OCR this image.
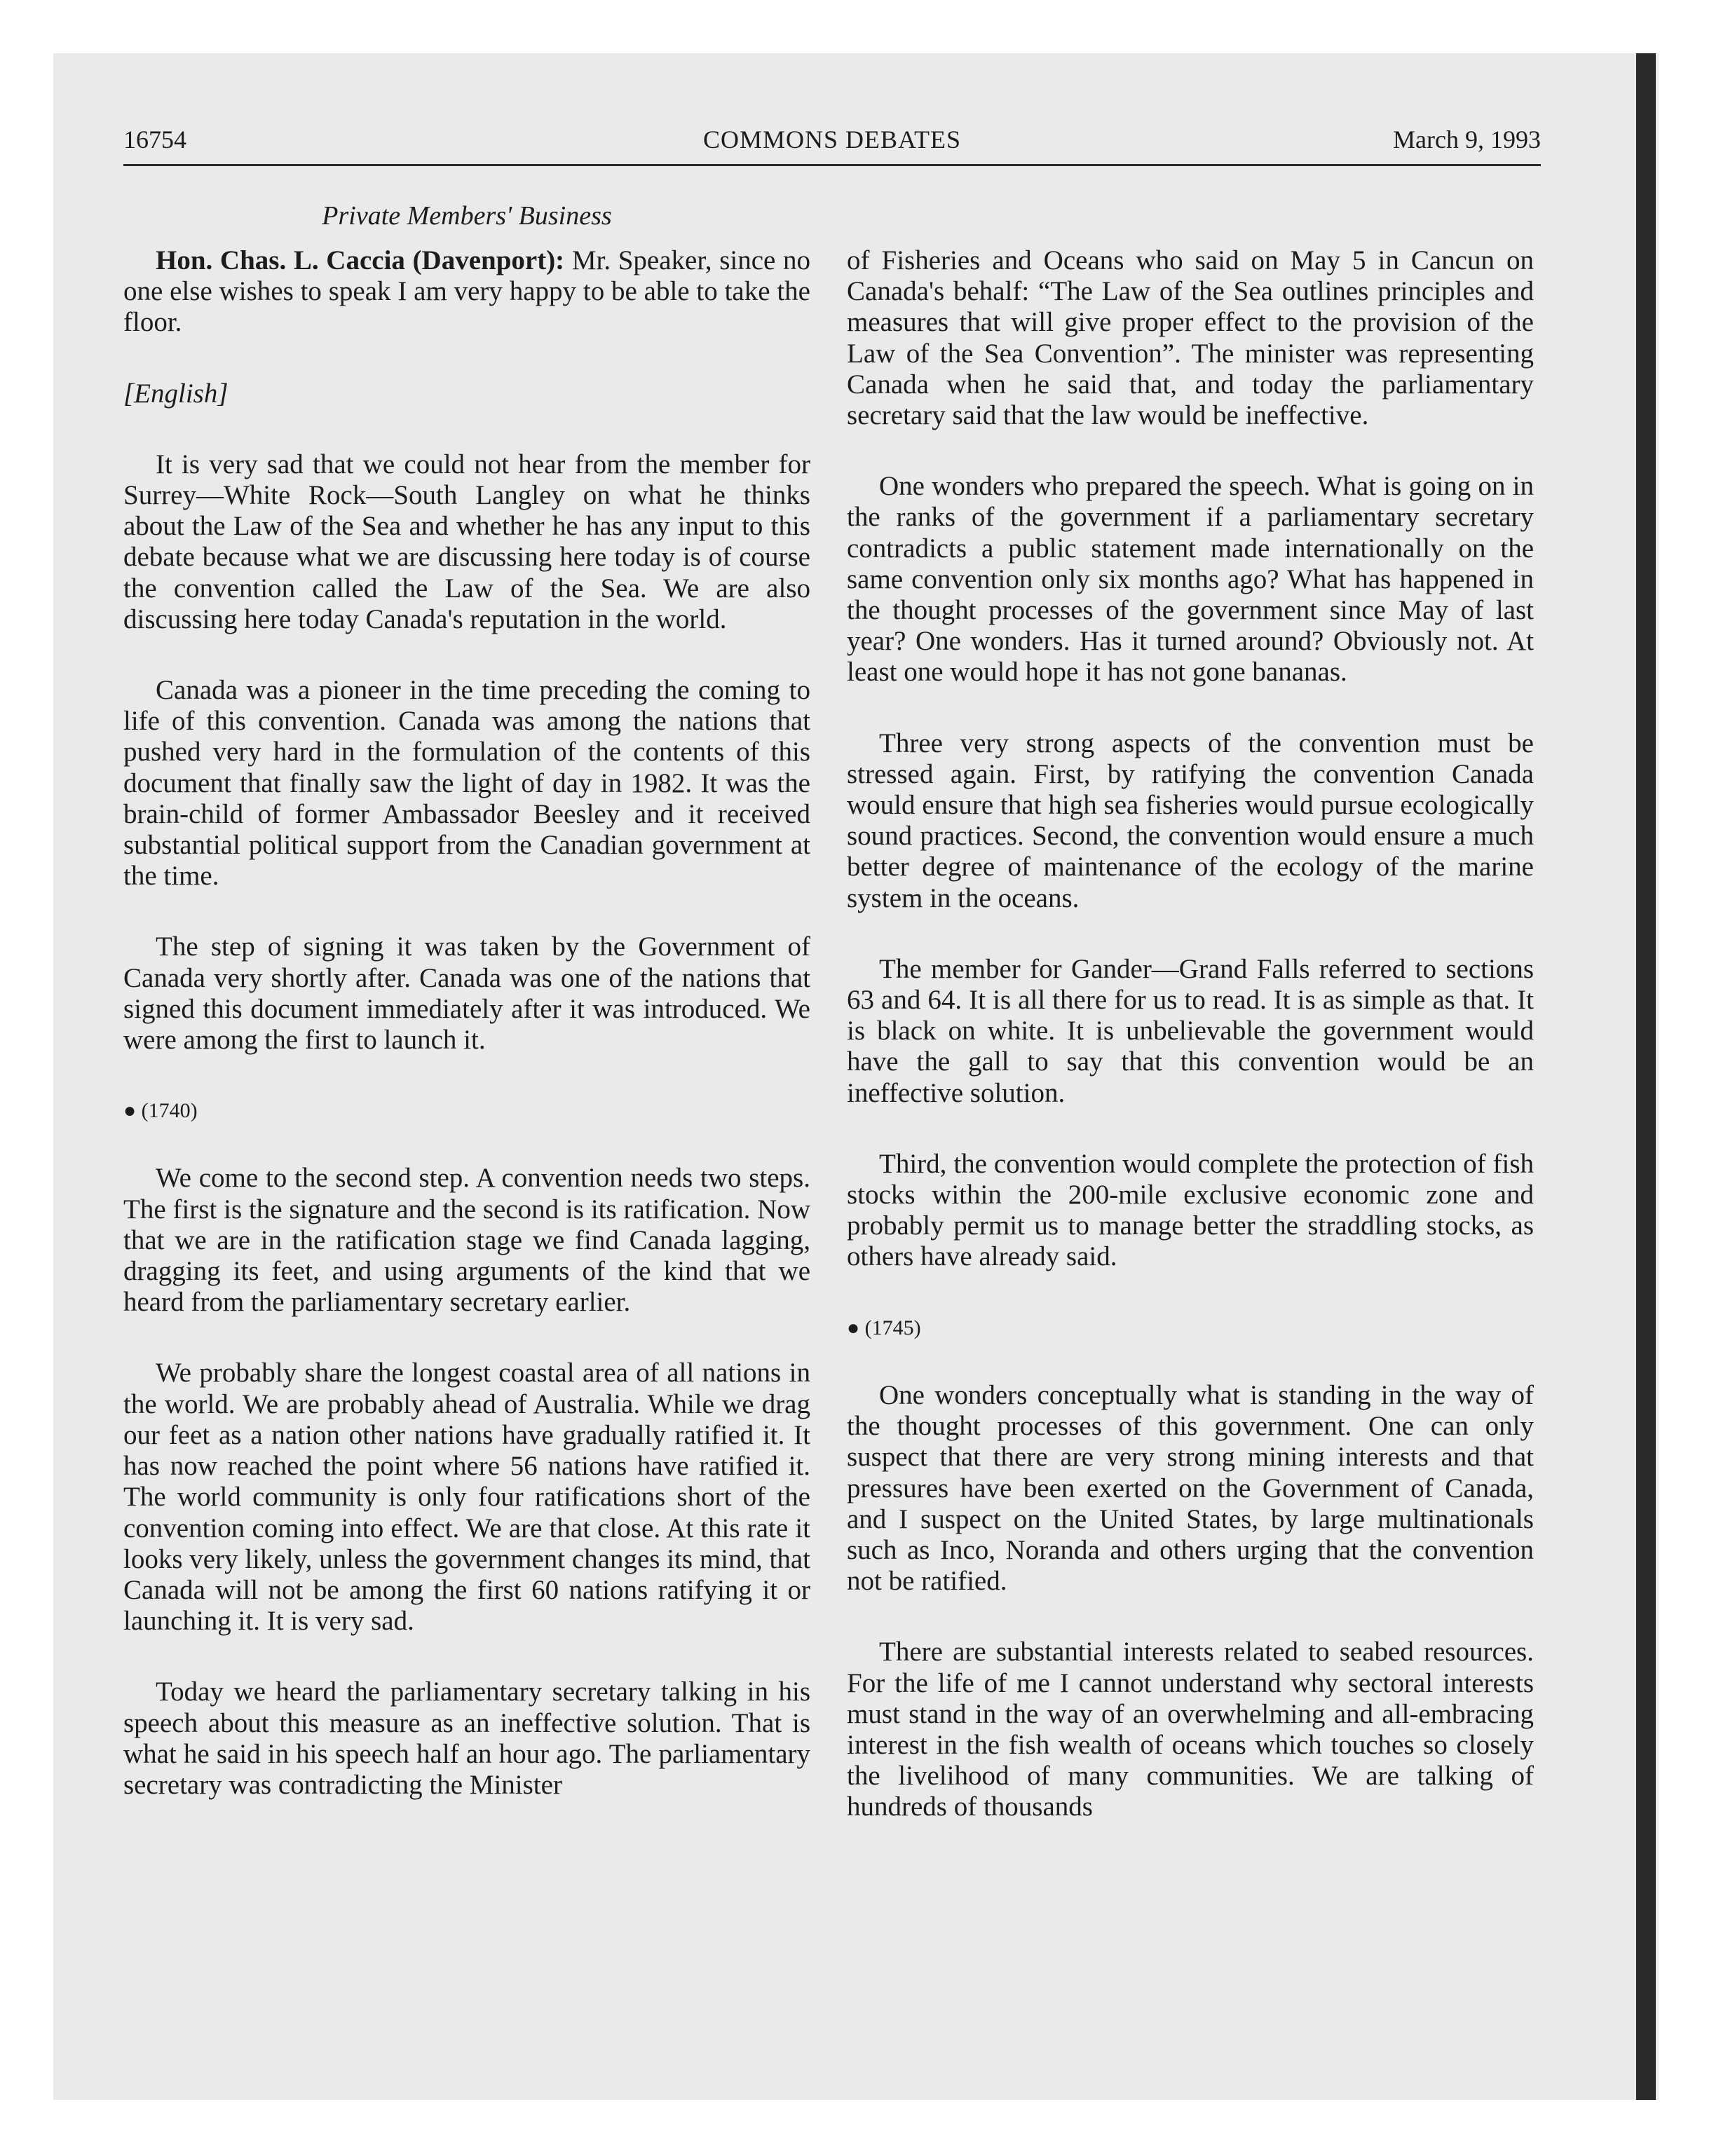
16754	COMMONS DEBATES	March 9, 1993
Private Members' Business

Hon. Chas. L. Caccia (Davenport): Mr. Speaker, since no one else wishes to speak I am very happy to be able to take the floor.

[English]

It is very sad that we could not hear from the member for Surrey—White Rock—South Langley on what he thinks about the Law of the Sea and whether he has any input to this debate because what we are discussing here today is of course the convention called the Law of the Sea. We are also discussing here today Canada's reputation in the world.

Canada was a pioneer in the time preceding the coming to life of this convention. Canada was among the nations that pushed very hard in the formulation of the contents of this document that finally saw the light of day in 1982. It was the brain-child of former Ambassador Beesley and it received substantial political support from the Canadian government at the time.

The step of signing it was taken by the Government of Canada very shortly after. Canada was one of the nations that signed this document immediately after it was introduced. We were among the first to launch it.

● (1740)

We come to the second step. A convention needs two steps. The first is the signature and the second is its ratification. Now that we are in the ratification stage we find Canada lagging, dragging its feet, and using arguments of the kind that we heard from the parliamentary secretary earlier.

We probably share the longest coastal area of all nations in the world. We are probably ahead of Australia. While we drag our feet as a nation other nations have gradually ratified it. It has now reached the point where 56 nations have ratified it. The world community is only four ratifications short of the convention coming into effect. We are that close. At this rate it looks very likely, unless the government changes its mind, that Canada will not be among the first 60 nations ratifying it or launching it. It is very sad.

Today we heard the parliamentary secretary talking in his speech about this measure as an ineffective solution. That is what he said in his speech half an hour ago. The parliamentary secretary was contradicting the Minister

of Fisheries and Oceans who said on May 5 in Cancun on Canada's behalf: “The Law of the Sea outlines principles and measures that will give proper effect to the provision of the Law of the Sea Convention”. The minister was representing Canada when he said that, and today the parliamentary secretary said that the law would be ineffective.

One wonders who prepared the speech. What is going on in the ranks of the government if a parliamentary secretary contradicts a public statement made internationally on the same convention only six months ago? What has happened in the thought processes of the government since May of last year? One wonders. Has it turned around? Obviously not. At least one would hope it has not gone bananas.

Three very strong aspects of the convention must be stressed again. First, by ratifying the convention Canada would ensure that high sea fisheries would pursue ecologically sound practices. Second, the convention would ensure a much better degree of maintenance of the ecology of the marine system in the oceans.

The member for Gander—Grand Falls referred to sections 63 and 64. It is all there for us to read. It is as simple as that. It is black on white. It is unbelievable the government would have the gall to say that this convention would be an ineffective solution.

Third, the convention would complete the protection of fish stocks within the 200-mile exclusive economic zone and probably permit us to manage better the straddling stocks, as others have already said.

● (1745)

One wonders conceptually what is standing in the way of the thought processes of this government. One can only suspect that there are very strong mining interests and that pressures have been exerted on the Government of Canada, and I suspect on the United States, by large multinationals such as Inco, Noranda and others urging that the convention not be ratified.

There are substantial interests related to seabed resources. For the life of me I cannot understand why sectoral interests must stand in the way of an overwhelming and all-embracing interest in the fish wealth of oceans which touches so closely the livelihood of many communities. We are talking of hundreds of thousands
